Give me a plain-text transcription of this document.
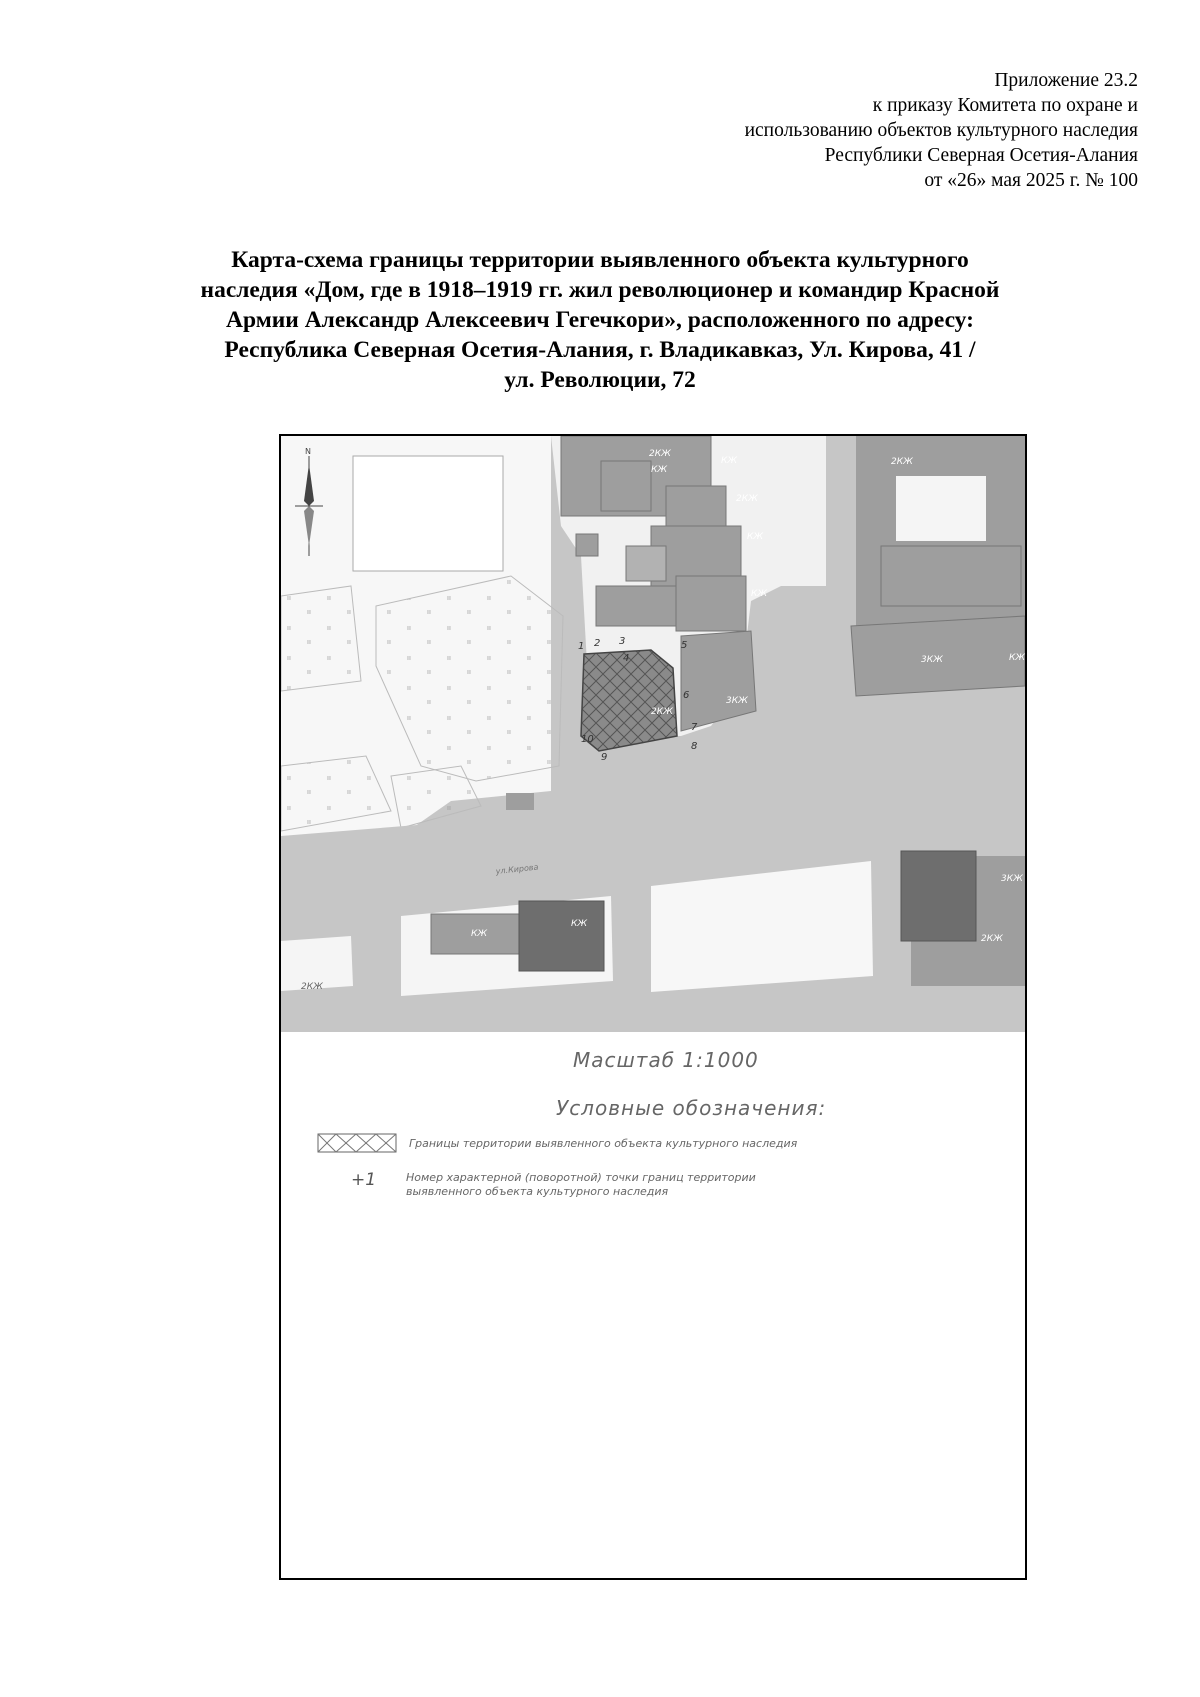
Приложение 23.2
к приказу Комитета по охране и
использованию объектов культурного наследия
Республики Северная Осетия-Алания
от «26» мая 2025 г. № 100
Карта-схема границы территории выявленного объекта культурного
наследия «Дом, где в 1918–1919 гг. жил революционер и командир Красной
Армии Александр Алексеевич Гегечкори», расположенного по адресу:
Республика Северная Осетия-Алания, г. Владикавказ, Ул. Кирова, 41 /
ул. Революции, 72
2КЖ
КЖ
2КЖ
КЖ
КЖ
2КЖ
3КЖ
3КЖ	КЖ
2КЖ
КЖ
КЖ
3КЖ
2КЖ
2КЖ
КЖ
1 2 3
4
5
6
7
8
9
10
ул.Кирова
N
Масштаб 1:1000
Условные обозначения:
Границы территории выявленного объекта культурного наследия
+1	Номер характерной (поворотной) точки границ территории
выявленного объекта культурного наследия
